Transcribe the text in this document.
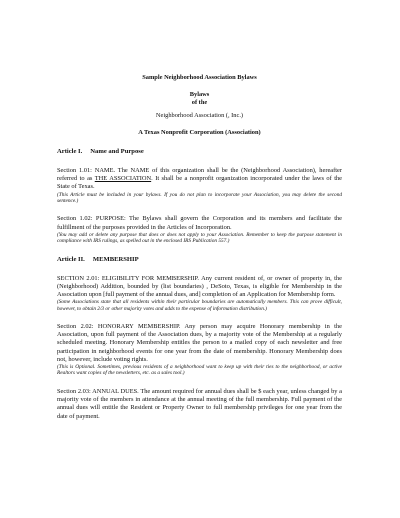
Sample Neighborhood Association Bylaws
Bylaws
of the
Neighborhood Association (, Inc.)
A Texas Nonprofit Corporation (Association)
Article I. Name and Purpose
Section 1.01: NAME. The NAME of this organization shall be the (Neighborhood Association), hereafter referred to as THE ASSOCIATION. It shall be a nonprofit organization incorporated under the laws of the State of Texas.
(This Article must be included in your bylaws. If you do not plan to incorporate your Association, you may delete the second sentence.)
Section 1.02: PURPOSE: The Bylaws shall govern the Corporation and its members and facilitate the fulfillment of the purposes provided in the Articles of Incorporation.
(You may add or delete any purpose that does or does not apply to your Association. Remember to keep the purpose statement in compliance with IRS rulings, as spelled out in the enclosed IRS Publication 557.)
Article II. MEMBERSHIP
SECTION 2.01: ELIGIBILITY FOR MEMBERSHIP. Any current resident of, or owner of property in, the (Neighborhood) Addition, bounded by (list boundaries) , DeSoto, Texas, is eligible for Membership in the Association upon [full payment of the annual dues, and] completion of an Application for Membership form.
(Some Associations state that all residents within their particular boundaries are automatically members. This can prove difficult, however, to obtain 2/3 or other majority votes and adds to the expense of information distribution.)
Section 2.02: HONORARY MEMBERSHIP. Any person may acquire Honorary membership in the Association, upon full payment of the Association dues, by a majority vote of the Membership at a regularly scheduled meeting. Honorary Membership entitles the person to a mailed copy of each newsletter and free participation in neighborhood events for one year from the date of membership. Honorary Membership does not, however, include voting rights.
(This is Optional. Sometimes, previous residents of a neighborhood want to keep up with their ties to the neighborhood, or active Realtors want copies of the newsletters, etc. as a sales tool.)
Section 2.03: ANNUAL DUES. The amount required for annual dues shall be $ each year, unless changed by a majority vote of the members in attendance at the annual meeting of the full membership. Full payment of the annual dues will entitle the Resident or Property Owner to full membership privileges for one year from the date of payment.
